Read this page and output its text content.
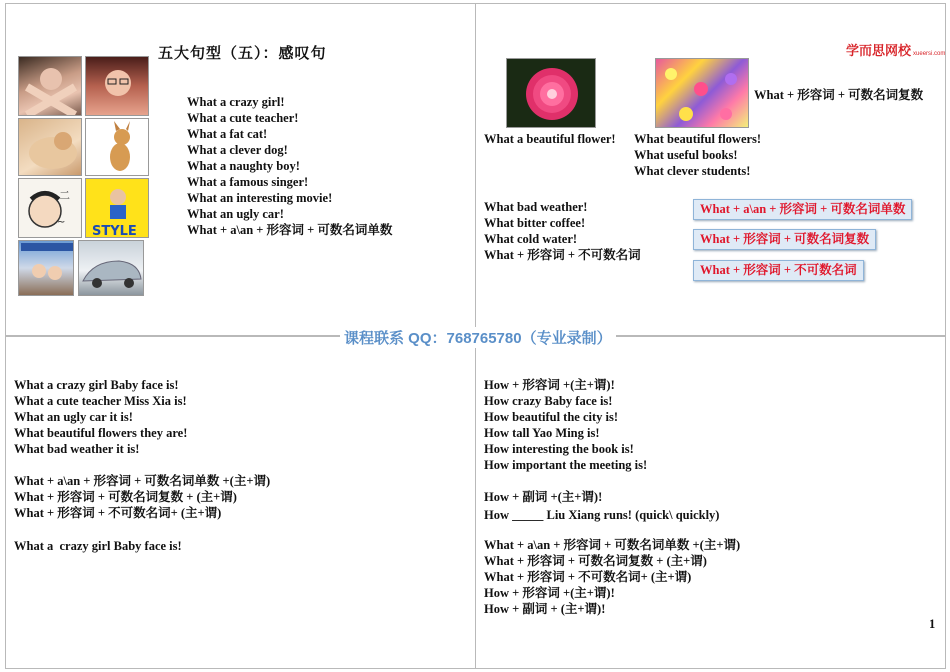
五大句型（五）：感叹句
二
~
STYLE
What a crazy girl!
What a cute teacher!
What a fat cat!
What a clever dog!
What a naughty boy!
What a famous singer!
What an interesting movie!
What an ugly car!
What + a\an + 形容词 + 可数名词单数
学而思网校 xueersi.com
What + 形容词 + 可数名词复数
What a beautiful flower! What beautiful flowers!
What useful books!
What clever students!
What bad weather!
What bitter coffee!
What cold water!
What + 形容词 + 不可数名词
What + a\an + 形容词 + 可数名词单数
What + 形容词 + 可数名词复数
What + 形容词 + 不可数名词
课程联系 QQ：768765780（专业录制）
What a crazy girl Baby face is!
What a cute teacher Miss Xia is!
What an ugly car it is!
What beautiful flowers they are!
What bad weather it is!
What + a\an + 形容词 + 可数名词单数 +(主+谓)
What + 形容词 + 可数名词复数 + (主+谓)
What + 形容词 + 不可数名词+ (主+谓)
What a  crazy girl Baby face is!
How + 形容词 +(主+谓)!
How crazy Baby face is!
How beautiful the city is!
How tall Yao Ming is!
How interesting the book is!
How important the meeting is!
How + 副词 +(主+谓)!
How _____ Liu Xiang runs! (quick\ quickly)
What + a\an + 形容词 + 可数名词单数 +(主+谓)
What + 形容词 + 可数名词复数 + (主+谓)
What + 形容词 + 不可数名词+ (主+谓)
How + 形容词 +(主+谓)!
How + 副词 + (主+谓)!
1
